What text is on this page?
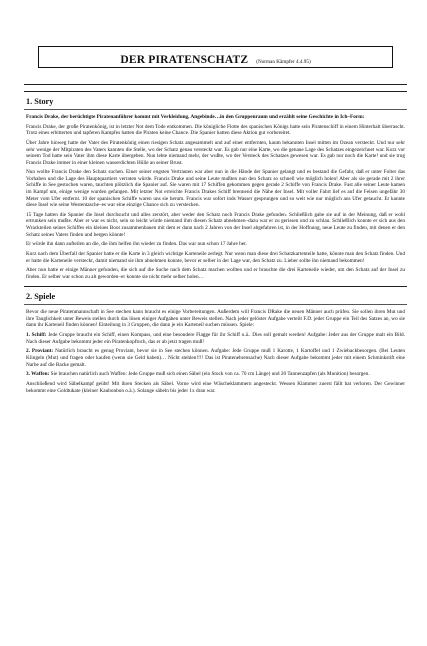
DER PIRATENSCHATZ (Norman Kämpfer 4.4.95)
1. Story

Francis Drake, der berüchtigte Piratenanführer kommt mit Verkleidung, Angebinde…in den Gruppenraum und erzählt seine Geschichte in Ich–Form:

Francis Drake, der große Piratenkönig, ist in letzter Not dem Tode entkommen. Die königliche Flotte des spanischen Königs hatte sein Piratenschiff in einem Hinterhalt überrascht. Trotz eines erbitterten und tapferen Kampfes hatten die Piraten keine Chance. Die Spanier hatten diese Aktion gut vorbereitet.

Über Jahre hinweg hatte der Vater des Piratenkönig einen riesigen Schatz angesammelt und auf einer entfernten, kaum bekannten Insel mitten im Ozean versteckt. Und nur sehr sehr wenige der Mitpiraten des Vaters kannten die Stelle, wo der Schatz genau versteckt war. Es gab nur eine Karte, wo die genaue Lage des Schatzes eingezeichnet war. Kurz vor seinem Tod hatte sein Vater ihm diese Karte übergeben. Nun lebte niemand mehr, der wußte, wo der Versteck des Schatzes gewesen war. Es gab nur noch die Karte! und sie trug Francis Drake immer in einer kleinen wasserdichten Hülle an seiner Brust.

Nun wollte Francis Drake den Schatz suchen. Einer seiner engsten Vertrauten war aber nun in die Hände der Spanier gelangt und es bestand die Gefahr, daß er unter Folter das Vorhaben und die Lage des Hauptquartiers verraten würde. Francis Drake und seine Leute mußten nun den Schatz so schnell wie möglich holen! Aber als sie gerade mit 2 ihrer Schiffe in See gestochen waren, tauchten plötzlich die Spanier auf. Sie waren mit 17 Schiffen gekommen gegen gerade 2 Schiffe von Francis Drake. Fast alle seiner Leute kamen im Kampf um, einige wenige wurden gefangen. Mit letzter Not erreichte Francis Drakes Schiff brennend die Nähe der Insel. Mit voller Fahrt lief es auf die Felsen ungefähr 30 Meter vom Ufer entfernt. 10 der spanischen Schiffe waren uns sie herum. Francis war sofort inds Wasser gesprungen und so weit wie nur möglich ans Ufer getaucht. Er kannte diese Insel wie seine Westentasche–es war eine einzige Chance sich zu verstecken.

15 Tage hatten die Spanier die Insel durchsucht und alles zerstört, aber weder den Schatz noch Francis Drake gefunden. Schließlich gabe sie auf in der Meinung, daß er wohl ertrunken sein mußte. Aber er war es nicht, sein so leicht würde niemand ihm diesen Schatz abnehmen–dazu war er zu gerissen und zu schlau. Schließlich konnte er sich aus den Wrackteilen seines Schiffes ein kleines Boot zusammenbauen mit dem er dann nach 2 Jahren von der Insel abgefahren ist, in der Hoffnung, neue Leute zu finden, mit denen er den Schatz seines Vaters finden und bergen könnte!

Er würde ihn dann aufteilen an die, die ihm helfen ihn wieder zu finden. Das war nun schon 17 Jahre her.

Kurz nach dem Überfall der Spanier hatte er die Karte in 3 gleich wichtige Karteneile zerlegt. Nur wenn man diese drei Schatzkartenteile hatte, könnte man den Schatz finden. Und er hatte die Karteneile versteckt, damit niemand sie ihm abnehmen konnte, bevor er selber in der Lage war, den Schatz zu. Lieber sollte ihn niemand bekommen!

Aber nun hatte er einige Männer gefunden, die sich auf die Suche nach dem Schatz machen wollten und er brauchte die drei Karteneile wieder, um den Schatz auf der Insel zu finden. Er selber war schon zu alt geworden–er konnte sie nicht mehr selber holen…

2. Spiele

Bevor die neue Piratenmannschaft in See stechen kann braucht es einige Vorbereitungen. Außerdem will Francis DRake die neuen Männer auch prüfen. Sie sollen ihren Mut und ihre Tauglichkeit unter Beweis stellen durch das lösen einiger Aufgaben unter Beweis stellen. Nach jeder gelöster Aufgabe verteilt F.D. jeder Gruppe ein Teil des Satzes an, wo sie dann ihr Karteneil finden können! Einteilung in 3 Gruppen, die dann je ein Karteneil suchen müssen. Spiele:

1. Schiff: Jede Gruppe braucht ein Schiff, einen Kompass, und eine besondere Flagge für ihr Schiff o.ä.. Dies soll gemalt werden! Aufgabe: Jeder aus der Gruppe malt ein Bild. Nach dieser Aufgabe bekommt jeder ein Piratenkopftuch, das er ab jetzt tragen muß!

2. Proviant: Natürlich braucht es genug Proviant, bevor sie in See stechen können. Aufgabe: Jede Gruppe muß 1 Karotte, 1 Kartoffel und 1 Zwiebackbesorgen. (Bei Leuten Klingeln (Mut) und fragen oder kaufen (wenn sie Geld haben)… Nicht stehlen!!!! Das ist Piratenehrensache) Nach dieser Aufgabe bekommt jeder mit einem Schminkstift eine Narbe auf die Backe gemalt.

3. Waffen: Sie brauchen natürlich auch Waffen: Jede Gruppe muß sich einen Säbel (ein Stock von ca. 70 cm Länge) und 20 Tannenzapfen (als Munition) besorgen.

Anschließend wird Säbelkampf geübt! Mit ihren Stecken als Säbel. Vorne wird eine Wäscheklammern angesteckt. Wessen Klammer zuerst fällt hat verloren. Der Gewinner bekommt eine Goldtukate (kleiner Kaubonbon o.ä.). Solange säbeln bis jeder 1x dran war.
